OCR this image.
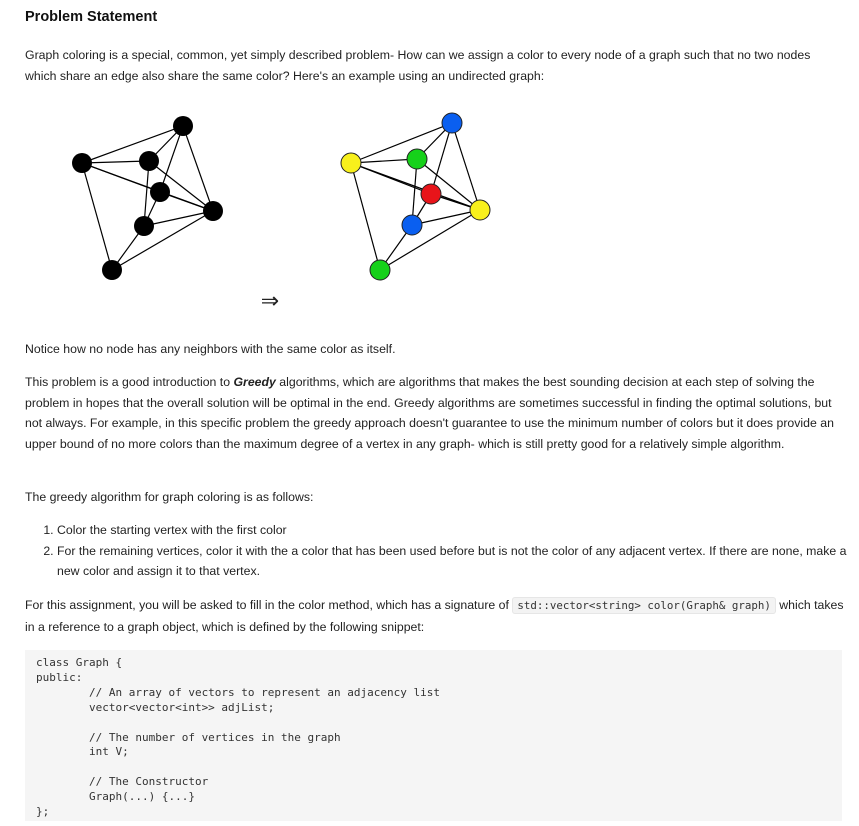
Problem Statement

Graph coloring is a special, common, yet simply described problem- How can we assign a color to every node of a graph such that no two nodes which share an edge also share the same color? Here's an example using an undirected graph:

⇒

Notice how no node has any neighbors with the same color as itself.

This problem is a good introduction to Greedy algorithms, which are algorithms that makes the best sounding decision at each step of solving the problem in hopes that the overall solution will be optimal in the end. Greedy algorithms are sometimes successful in finding the optimal solutions, but not always. For example, in this specific problem the greedy approach doesn't guarantee to use the minimum number of colors but it does provide an upper bound of no more colors than the maximum degree of a vertex in any graph- which is still pretty good for a relatively simple algorithm.

The greedy algorithm for graph coloring is as follows:

1. Color the starting vertex with the first color
2. For the remaining vertices, color it with the a color that has been used before but is not the color of any adjacent vertex. If there are none, make a new color and assign it to that vertex.

For this assignment, you will be asked to fill in the color method, which has a signature of std::vector<string> color(Graph& graph) which takes in a reference to a graph object, which is defined by the following snippet:

class Graph {
public:
// An array of vectors to represent an adjacency list
vector<vector<int>> adjList;

// The number of vertices in the graph
int V;

// The Constructor
Graph(...) {...}
};
